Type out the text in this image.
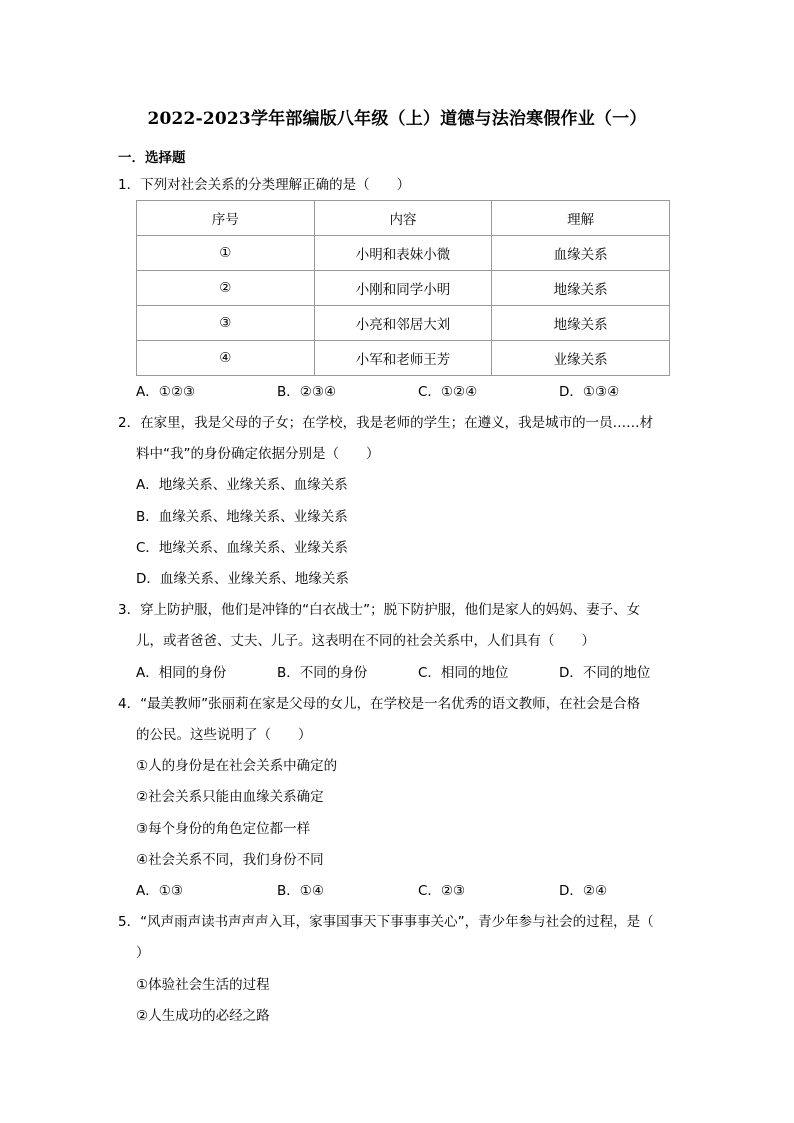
2022-2023学年部编版八年级（上）道德与法治寒假作业（一）
一．选择题
1．下列对社会关系的分类理解正确的是（　　）
序号	内容	理解
①	小明和表妹小微	血缘关系
②	小刚和同学小明	地缘关系
③	小亮和邻居大刘	地缘关系
④	小军和老师王芳	业缘关系
A．①②③	B．②③④	C．①②④	D．①③④
2．在家里，我是父母的子女；在学校，我是老师的学生；在遵义，我是城市的一员……材
料中“我”的身份确定依据分别是（　　）
A．地缘关系、业缘关系、血缘关系
B．血缘关系、地缘关系、业缘关系
C．地缘关系、血缘关系、业缘关系
D．血缘关系、业缘关系、地缘关系
3．穿上防护服，他们是冲锋的“白衣战士”；脱下防护服，他们是家人的妈妈、妻子、女
儿，或者爸爸、丈夫、儿子。这表明在不同的社会关系中，人们具有（　　）
A．相同的身份	B．不同的身份	C．相同的地位	D．不同的地位
4．“最美教师”张丽莉在家是父母的女儿，在学校是一名优秀的语文教师，在社会是合格
的公民。这些说明了（　　）
①人的身份是在社会关系中确定的
②社会关系只能由血缘关系确定
③每个身份的角色定位都一样
④社会关系不同，我们身份不同
A．①③	B．①④	C．②③	D．②④
5．“风声雨声读书声声声入耳，家事国事天下事事事关心”，青少年参与社会的过程，是（
）
①体验社会生活的过程
②人生成功的必经之路
